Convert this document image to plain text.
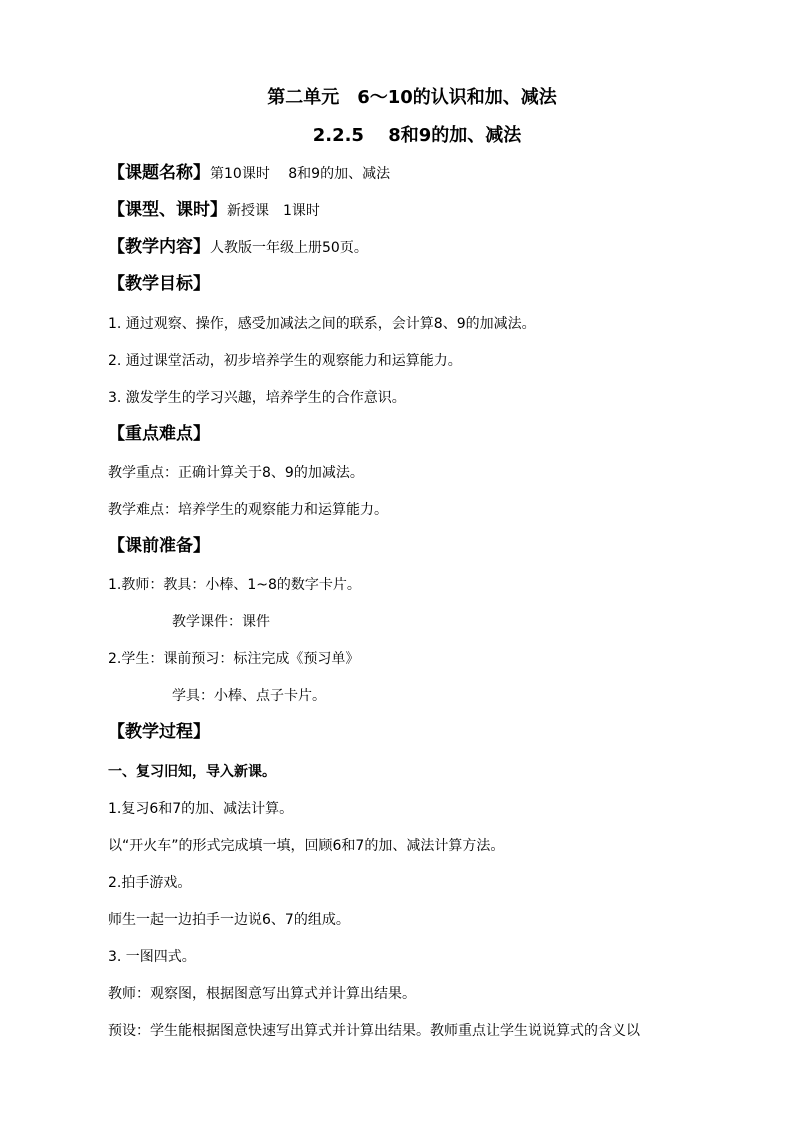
第二单元　6～10的认识和加、减法
2.2.5　 8和9的加、减法
【课题名称】第10课时　 8和9的加、减法
【课型、课时】新授课　1课时
【教学内容】人教版一年级上册50页。
【教学目标】
1. 通过观察、操作，感受加减法之间的联系，会计算8、9的加减法。
2. 通过课堂活动，初步培养学生的观察能力和运算能力。
3. 激发学生的学习兴趣，培养学生的合作意识。
【重点难点】
教学重点：正确计算关于8、9的加减法。
教学难点：培养学生的观察能力和运算能力。
【课前准备】
1.教师：教具：小棒、1~8的数字卡片。
教学课件：课件
2.学生：课前预习：标注完成《预习单》
学具：小棒、点子卡片。
【教学过程】
一、复习旧知，导入新课。
1.复习6和7的加、减法计算。
以“开火车”的形式完成填一填，回顾6和7的加、减法计算方法。
2.拍手游戏。
师生一起一边拍手一边说6、7的组成。
3. 一图四式。
教师：观察图，根据图意写出算式并计算出结果。
预设：学生能根据图意快速写出算式并计算出结果。教师重点让学生说说算式的含义以
